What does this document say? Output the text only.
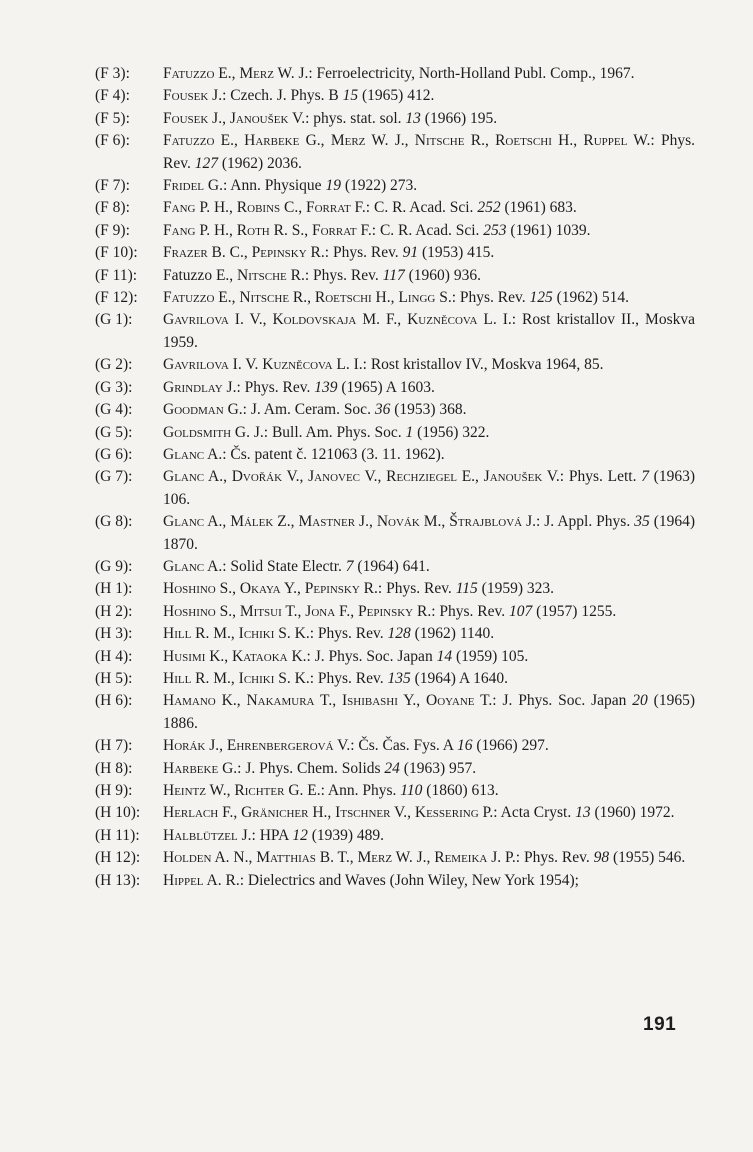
(F 3):	Fatuzzo E., Merz W. J.: Ferroelectricity, North-Holland Publ. Comp., 1967.
(F 4):	Fousek J.: Czech. J. Phys. B 15 (1965) 412.
(F 5):	Fousek J., Janoušek V.: phys. stat. sol. 13 (1966) 195.
(F 6):	Fatuzzo E., Harbeke G., Merz W. J., Nitsche R., Roetschi H., Ruppel W.: Phys. Rev. 127 (1962) 2036.
(F 7):	Fridel G.: Ann. Physique 19 (1922) 273.
(F 8):	Fang P. H., Robins C., Forrat F.: C. R. Acad. Sci. 252 (1961) 683.
(F 9):	Fang P. H., Roth R. S., Forrat F.: C. R. Acad. Sci. 253 (1961) 1039.
(F 10):	Frazer B. C., Pepinsky R.: Phys. Rev. 91 (1953) 415.
(F 11):	Fatuzzo E., Nitsche R.: Phys. Rev. 117 (1960) 936.
(F 12):	Fatuzzo E., Nitsche R., Roetschi H., Lingg S.: Phys. Rev. 125 (1962) 514.
(G 1):	Gavrilova I. V., Koldovskaja M. F., Kuzněcova L. I.: Rost kristallov II., Moskva 1959.
(G 2):	Gavrilova I. V. Kuzněcova L. I.: Rost kristallov IV., Moskva 1964, 85.
(G 3):	Grindlay J.: Phys. Rev. 139 (1965) A 1603.
(G 4):	Goodman G.: J. Am. Ceram. Soc. 36 (1953) 368.
(G 5):	Goldsmith G. J.: Bull. Am. Phys. Soc. 1 (1956) 322.
(G 6):	Glanc A.: Čs. patent č. 121063 (3. 11. 1962).
(G 7):	Glanc A., Dvořák V., Janovec V., Rechziegel E., Janoušek V.: Phys. Lett. 7 (1963) 106.
(G 8):	Glanc A., Málek Z., Mastner J., Novák M., Štrajblová J.: J. Appl. Phys. 35 (1964) 1870.
(G 9):	Glanc A.: Solid State Electr. 7 (1964) 641.
(H 1):	Hoshino S., Okaya Y., Pepinsky R.: Phys. Rev. 115 (1959) 323.
(H 2):	Hoshino S., Mitsui T., Jona F., Pepinsky R.: Phys. Rev. 107 (1957) 1255.
(H 3):	Hill R. M., Ichiki S. K.: Phys. Rev. 128 (1962) 1140.
(H 4):	Husimi K., Kataoka K.: J. Phys. Soc. Japan 14 (1959) 105.
(H 5):	Hill R. M., Ichiki S. K.: Phys. Rev. 135 (1964) A 1640.
(H 6):	Hamano K., Nakamura T., Ishibashi Y., Ooyane T.: J. Phys. Soc. Japan 20 (1965) 1886.
(H 7):	Horák J., Ehrenbergerová V.: Čs. Čas. Fys. A 16 (1966) 297.
(H 8):	Harbeke G.: J. Phys. Chem. Solids 24 (1963) 957.
(H 9):	Heintz W., Richter G. E.: Ann. Phys. 110 (1860) 613.
(H 10):	Herlach F., Gränicher H., Itschner V., Kessering P.: Acta Cryst. 13 (1960) 1972.
(H 11):	Halblützel J.: HPA 12 (1939) 489.
(H 12):	Holden A. N., Matthias B. T., Merz W. J., Remeika J. P.: Phys. Rev. 98 (1955) 546.
(H 13):	Hippel A. R.: Dielectrics and Waves (John Wiley, New York 1954);
191
